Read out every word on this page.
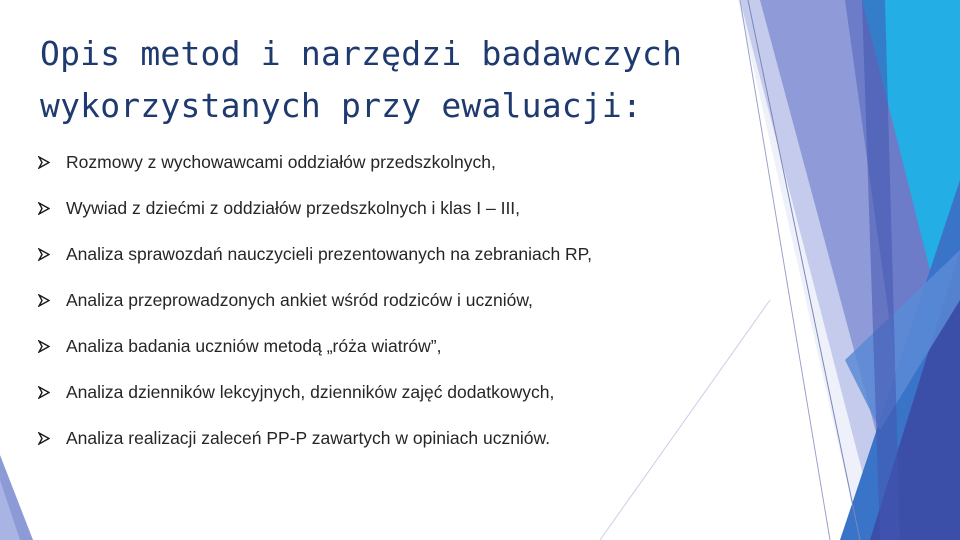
Opis metod i narzędzi badawczych
wykorzystanych przy ewaluacji:
Rozmowy z wychowawcami oddziałów przedszkolnych,
Wywiad z dziećmi z oddziałów przedszkolnych i klas I – III,
Analiza sprawozdań nauczycieli prezentowanych na zebraniach RP,
Analiza przeprowadzonych ankiet wśród rodziców i uczniów,
Analiza badania uczniów metodą „róża wiatrów”,
Analiza dzienników lekcyjnych, dzienników zajęć dodatkowych,
Analiza realizacji zaleceń PP-P zawartych w opiniach uczniów.
